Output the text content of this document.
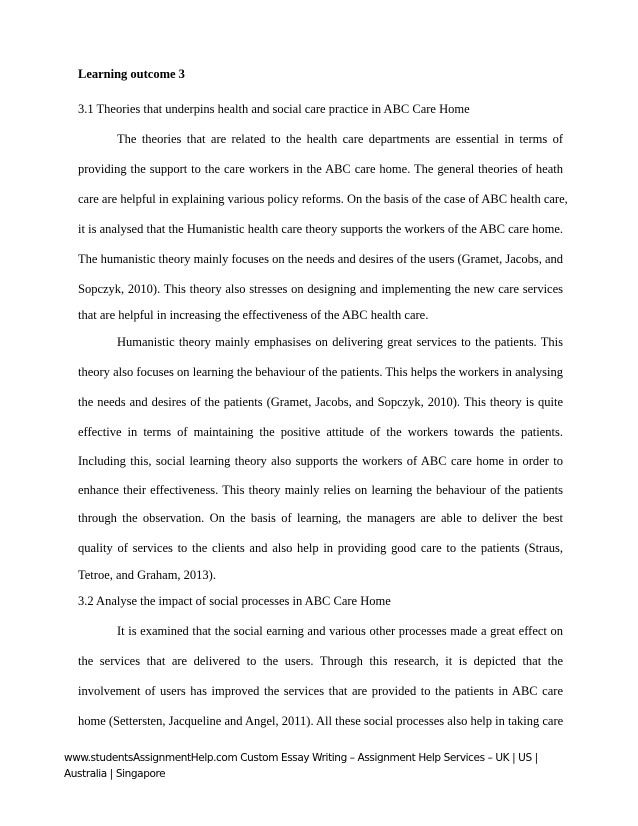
Learning outcome 3
3.1 Theories that underpins health and social care practice in ABC Care Home
The theories that are related to the health care departments are essential in terms of
providing the support to the care workers in the ABC care home. The general theories of heath
care are helpful in explaining various policy reforms. On the basis of the case of ABC health care,
it is analysed that the Humanistic health care theory supports the workers of the ABC care home.
The humanistic theory mainly focuses on the needs and desires of the users (Gramet, Jacobs, and
Sopczyk, 2010). This theory also stresses on designing and implementing the new care services
that are helpful in increasing the effectiveness of the ABC health care.
Humanistic theory mainly emphasises on delivering great services to the patients. This
theory also focuses on learning the behaviour of the patients. This helps the workers in analysing
the needs and desires of the patients (Gramet, Jacobs, and Sopczyk, 2010). This theory is quite
effective in terms of maintaining the positive attitude of the workers towards the patients.
Including this, social learning theory also supports the workers of ABC care home in order to
enhance their effectiveness. This theory mainly relies on learning the behaviour of the patients
through the observation. On the basis of learning, the managers are able to deliver the best
quality of services to the clients and also help in providing good care to the patients (Straus,
Tetroe, and Graham, 2013).
3.2 Analyse the impact of social processes in ABC Care Home
It is examined that the social earning and various other processes made a great effect on
the services that are delivered to the users. Through this research, it is depicted that the
involvement of users has improved the services that are provided to the patients in ABC care
home (Settersten, Jacqueline and Angel, 2011). All these social processes also help in taking care
www.studentsAssignmentHelp.com Custom Essay Writing – Assignment Help Services – UK | US |
Australia | Singapore
